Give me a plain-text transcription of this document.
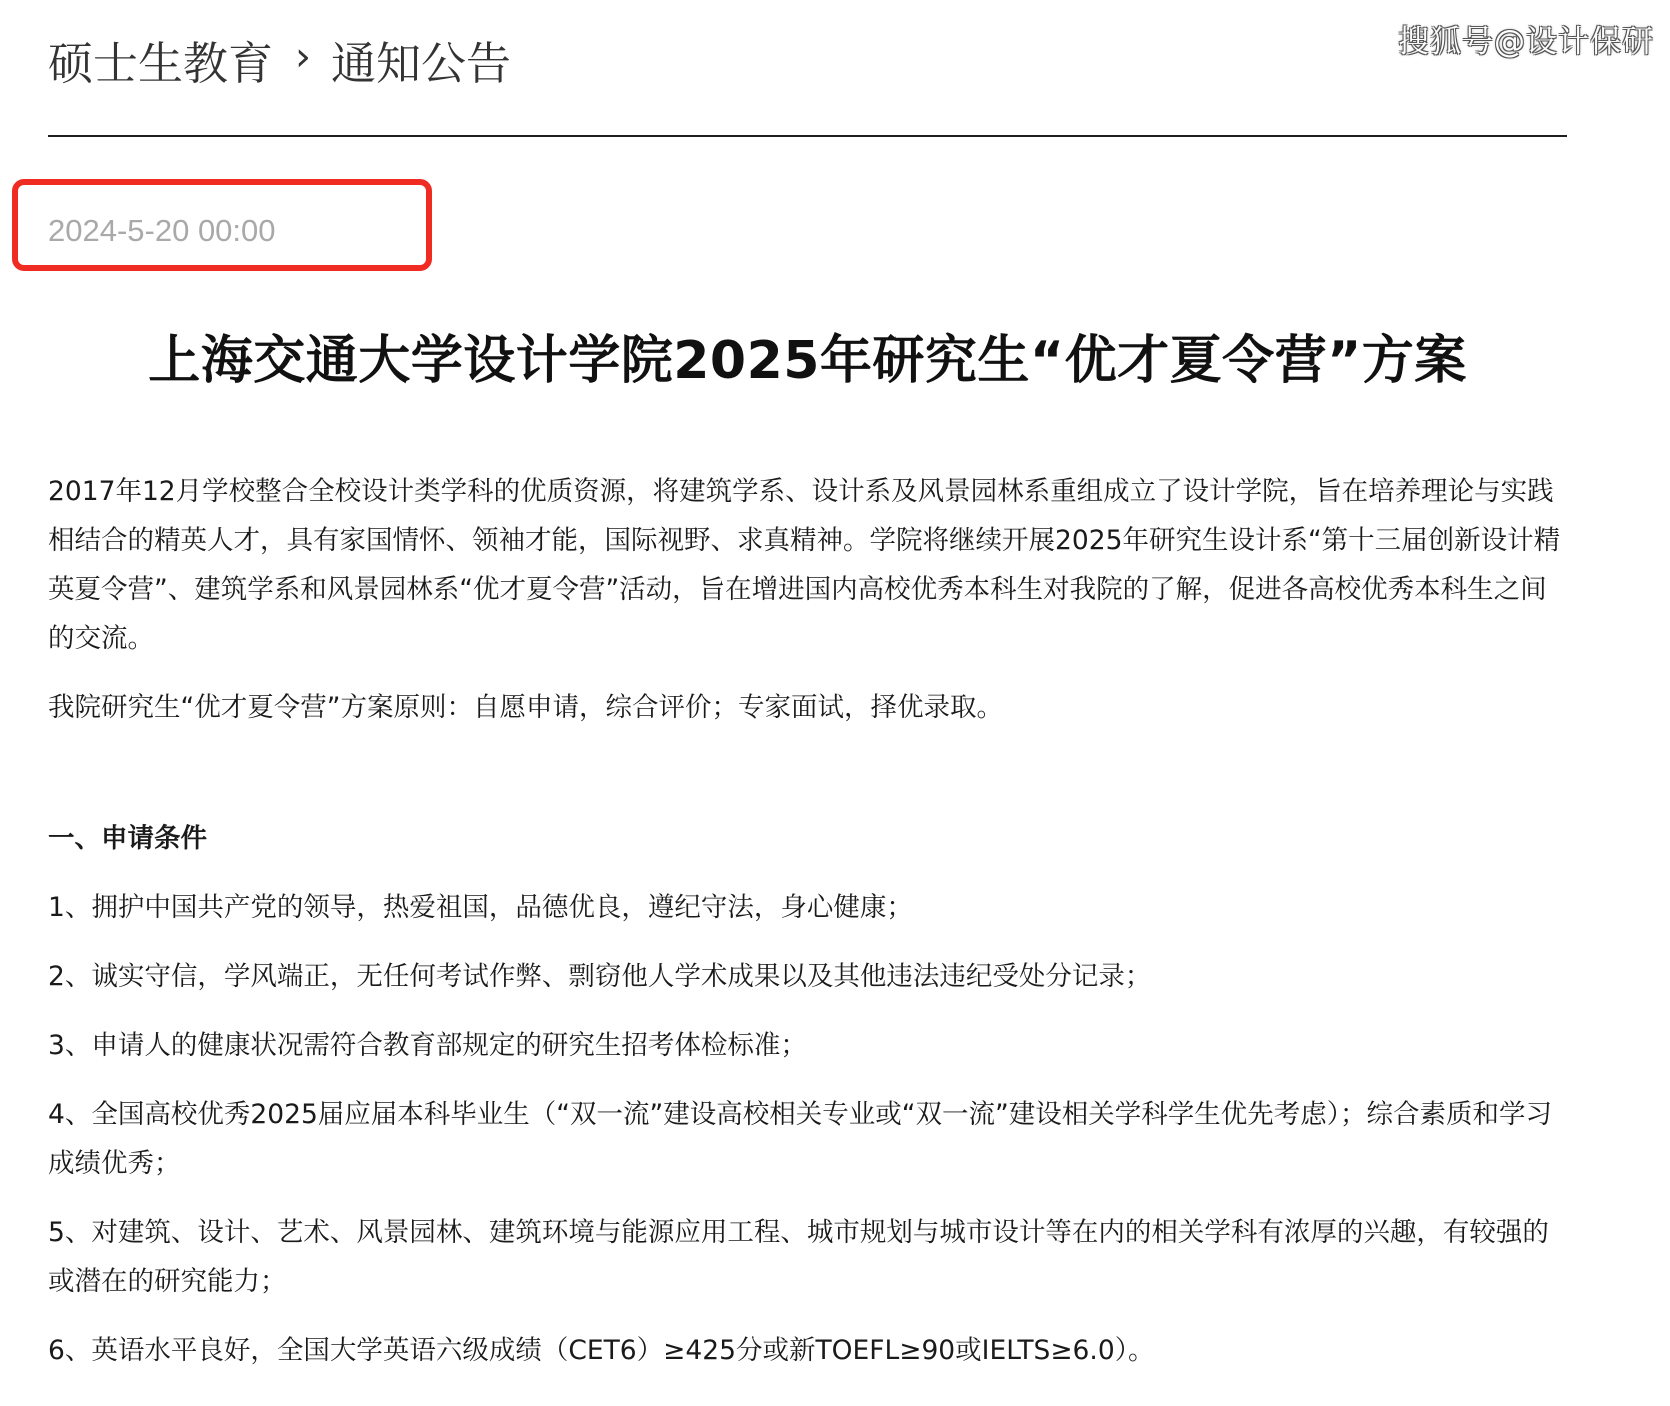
搜狐号@设计保研
硕士生教育 › 通知公告
2024-5-20 00:00
上海交通大学设计学院2025年研究生“优才夏令营”方案

2017年12月学校整合全校设计类学科的优质资源，将建筑学系、设计系及风景园林系重组成立了设计学院，旨在培养理论与实践相结合的精英人才，具有家国情怀、领袖才能，国际视野、求真精神。学院将继续开展2025年研究生设计系“第十三届创新设计精英夏令营”、建筑学系和风景园林系“优才夏令营”活动，旨在增进国内高校优秀本科生对我院的了解，促进各高校优秀本科生之间的交流。

我院研究生“优才夏令营”方案原则：自愿申请，综合评价；专家面试，择优录取。

一、申请条件

1、拥护中国共产党的领导，热爱祖国，品德优良，遵纪守法，身心健康；

2、诚实守信，学风端正，无任何考试作弊、剽窃他人学术成果以及其他违法违纪受处分记录；

3、申请人的健康状况需符合教育部规定的研究生招考体检标准；

4、全国高校优秀2025届应届本科毕业生（“双一流”建设高校相关专业或“双一流”建设相关学科学生优先考虑）；综合素质和学习成绩优秀；

5、对建筑、设计、艺术、风景园林、建筑环境与能源应用工程、城市规划与城市设计等在内的相关学科有浓厚的兴趣，有较强的或潜在的研究能力；

6、英语水平良好，全国大学英语六级成绩（CET6）≥425分或新TOEFL≥90或IELTS≥6.0）。
